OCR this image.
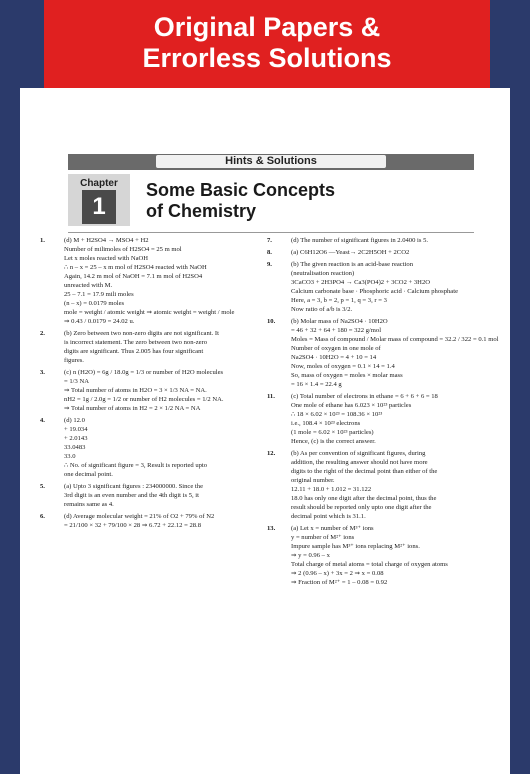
Original Papers &
Errorless Solutions
Hints & Solutions
Chapter
1
Some Basic Concepts
of Chemistry
1.	(d) M + H2SO4 → MSO4 + H2

Number of milimoles of H2SO4 = 25 m mol

Let x moles reacted with NaOH

∴ n – x = 25 – x m mol of H2SO4 reacted with NaOH

Again, 14.2 m mol of NaOH = 7.1 m mol of H2SO4

unreacted with M.

25 – 7.1 = 17.9 mili moles

(n – x) = 0.0179 moles

mole = weight / atomic weight ⇒ atomic weight = weight / mole

⇒ 0.43 / 0.0179 = 24.02 u.

2.	(b) Zero between two non-zero digits are not significant. It

is incorrect statement. The zero between two non-zero

digits are significant. Thus 2.005 has four significant

figures.

3.	(c) n (H2O) = 6g / 18.0g = 1/3 or number of H2O molecules

= 1/3 NA

⇒ Total number of atoms in H2O = 3 × 1/3 NA = NA.

nH2 = 1g / 2.0g = 1/2 or number of H2 molecules = 1/2 NA.

⇒ Total number of atoms in H2 = 2 × 1/2 NA = NA

4.	(d) 12.0

+ 19.034

+ 2.0143

33.0483

33.0

∴ No. of significant figure = 3, Result is reported upto

one decimal point.

5.	(a) Upto 3 significant figures : 234000000. Since the

3rd digit is an even number and the 4th digit is 5, it

remains same as 4.

6.	(d) Average molecular weight = 21% of O2 + 79% of N2

= 21/100 × 32 + 79/100 × 28 ⇒ 6.72 + 22.12 = 28.8

7.	(d) The number of significant figures in 2.0400 is 5.

8.	(a) C6H12O6 —Yeast→ 2C2H5OH + 2CO2

9.	(b) The given reaction is an acid-base reaction

(neutralisation reaction)

3CaCO3 + 2H3PO4 → Ca3(PO4)2 + 3CO2 + 3H2O

Calcium carbonate base · Phosphoric acid · Calcium phosphate

Here, a = 3, b = 2, p = 1, q = 3, r = 3

Now ratio of a/b is 3/2.

10. (b) Molar mass of Na2SO4 · 10H2O

= 46 + 32 + 64 + 180 = 322 g/mol

Moles = Mass of compound / Molar mass of compound = 32.2 / 322 = 0.1 mol

Number of oxygen in one mole of

Na2SO4 · 10H2O = 4 + 10 = 14

Now, moles of oxygen = 0.1 × 14 = 1.4

So, mass of oxygen = moles × molar mass

= 16 × 1.4 = 22.4 g

11. (c) Total number of electrons in ethane = 6 + 6 + 6 = 18

One mole of ethane has 6.023 × 10²³ particles

∴ 18 × 6.02 × 10²³ = 108.36 × 10²³

i.e., 108.4 × 10²³ electrons

(1 mole = 6.02 × 10²³ particles)

Hence, (c) is the correct answer.

12. (b) As per convention of significant figures, during

addition, the resulting answer should not have more

digits to the right of the decimal point than either of the

original number.

12.11 + 18.0 + 1.012 = 31.122

18.0 has only one digit after the decimal point, thus the

result should be reported only upto one digit after the

decimal point which is 31.1.

13. (a) Let x = number of M³⁺ ions

y = number of M²⁺ ions

Impure sample has M³⁺ ions replacing M²⁺ ions.

⇒ y = 0.96 – x

Total charge of metal atoms = total charge of oxygen atoms

⇒ 2 (0.96 – x) + 3x = 2 ⇒ x = 0.08

⇒ Fraction of M²⁺ = 1 – 0.08 = 0.92
